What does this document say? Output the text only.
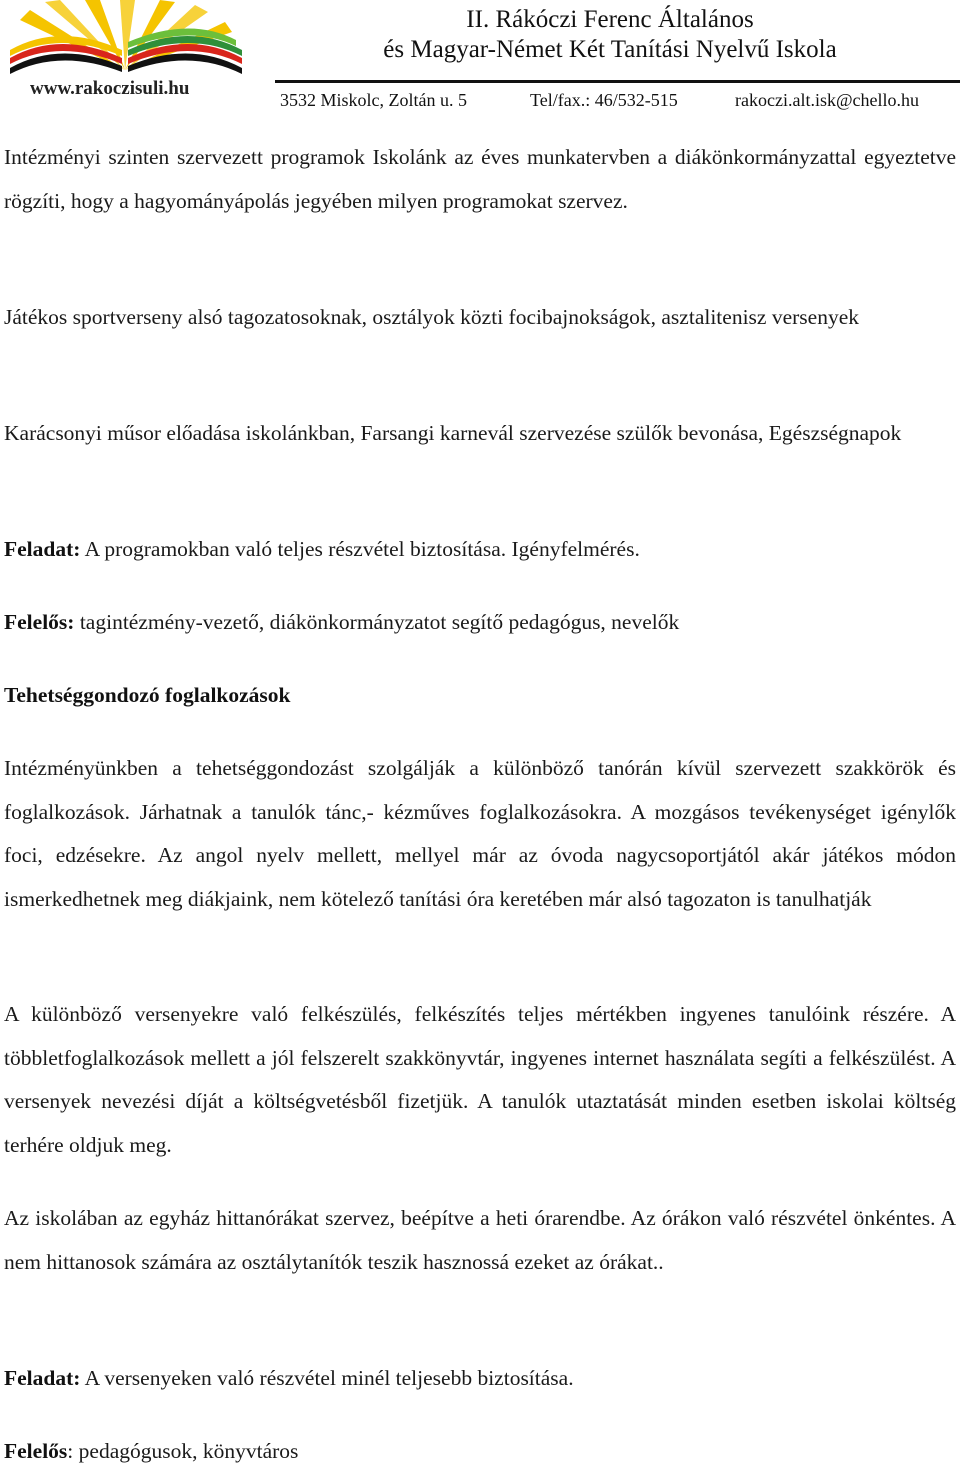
www.rakoczisuli.hu
II. Rákóczi Ferenc Általános
és Magyar-Német Két Tanítási Nyelvű Iskola
3532 Miskolc, Zoltán u. 5	Tel/fax.: 46/532-515	rakoczi.alt.isk@chello.hu

Intézményi szinten szervezett programok Iskolánk az éves munkatervben a diákönkormányzattal egyeztetve rögzíti, hogy a hagyományápolás jegyében milyen programokat szervez.

Játékos sportverseny alsó tagozatosoknak, osztályok közti focibajnokságok, asztalitenisz versenyek

Karácsonyi műsor előadása iskolánkban, Farsangi karnevál szervezése szülők bevonása, Egészségnapok

Feladat: A programokban való teljes részvétel biztosítása. Igényfelmérés.

Felelős: tagintézmény-vezető, diákönkormányzatot segítő pedagógus, nevelők

Tehetséggondozó foglalkozások

Intézményünkben a tehetséggondozást szolgálják a különböző tanórán kívül szervezett szakkörök és foglalkozások. Járhatnak a tanulók tánc,- kézműves foglalkozásokra. A mozgásos tevékenységet igénylők foci, edzésekre. Az angol nyelv mellett, mellyel már az óvoda nagycsoportjától akár játékos módon ismerkedhetnek meg diákjaink, nem kötelező tanítási óra keretében már alsó tagozaton is tanulhatják

A különböző versenyekre való felkészülés, felkészítés teljes mértékben ingyenes tanulóink részére. A többletfoglalkozások mellett a jól felszerelt szakkönyvtár, ingyenes internet használata segíti a felkészülést. A versenyek nevezési díját a költségvetésből fizetjük. A tanulók utaztatását minden esetben iskolai költség terhére oldjuk meg.

Az iskolában az egyház hittanórákat szervez, beépítve a heti órarendbe. Az órákon való részvétel önkéntes. A nem hittanosok számára az osztálytanítók teszik hasznossá ezeket az órákat..

Feladat: A versenyeken való részvétel minél teljesebb biztosítása.

Felelős: pedagógusok, könyvtáros
